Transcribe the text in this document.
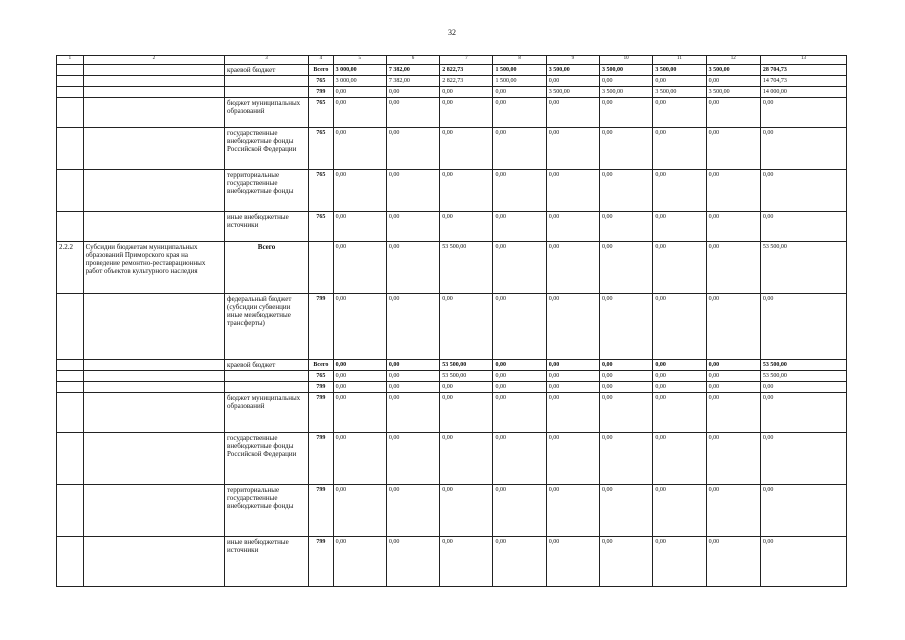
32
1	2	3	4	5	6	7	8	9	10	11	12	13
		краевой бюджет	Всего	3 000,00	7 382,00	2 822,73	1 500,00	3 500,00	3 500,00	3 500,00	3 500,00	28 704,73
			765	3 000,00	7 382,00	2 822,73	1 500,00	0,00	0,00	0,00	0,00	14 704,73
			799	0,00	0,00	0,00	0,00	3 500,00	3 500,00	3 500,00	3 500,00	14 000,00
		бюджет муниципальных образований	765	0,00	0,00	0,00	0,00	0,00	0,00	0,00	0,00	0,00
		государственные внебюджетные фонды Российской Федерации	765	0,00	0,00	0,00	0,00	0,00	0,00	0,00	0,00	0,00
		территориальные государственные внебюджетные фонды	765	0,00	0,00	0,00	0,00	0,00	0,00	0,00	0,00	0,00
		иные внебюджетные источники	765	0,00	0,00	0,00	0,00	0,00	0,00	0,00	0,00	0,00
2.2.2	Субсидии бюджетам муниципальных образований Приморского края на проведение ремонтно-реставрационных работ объектов культурного наследия	Всего		0,00	0,00	53 500,00	0,00	0,00	0,00	0,00	0,00	53 500,00
		федеральный бюджет (субсидии субвенции иные межбюджетные трансферты)	799	0,00	0,00	0,00	0,00	0,00	0,00	0,00	0,00	0,00
		краевой бюджет	Всего	0,00	0,00	53 500,00	0,00	0,00	0,00	0,00	0,00	53 500,00
			765	0,00	0,00	53 500,00	0,00	0,00	0,00	0,00	0,00	53 500,00
			799	0,00	0,00	0,00	0,00	0,00	0,00	0,00	0,00	0,00
		бюджет муниципальных образований	799	0,00	0,00	0,00	0,00	0,00	0,00	0,00	0,00	0,00
		государственные внебюджетные фонды Российской Федерации	799	0,00	0,00	0,00	0,00	0,00	0,00	0,00	0,00	0,00
		территориальные государственные внебюджетные фонды	799	0,00	0,00	0,00	0,00	0,00	0,00	0,00	0,00	0,00
		иные внебюджетные источники	799	0,00	0,00	0,00	0,00	0,00	0,00	0,00	0,00	0,00
